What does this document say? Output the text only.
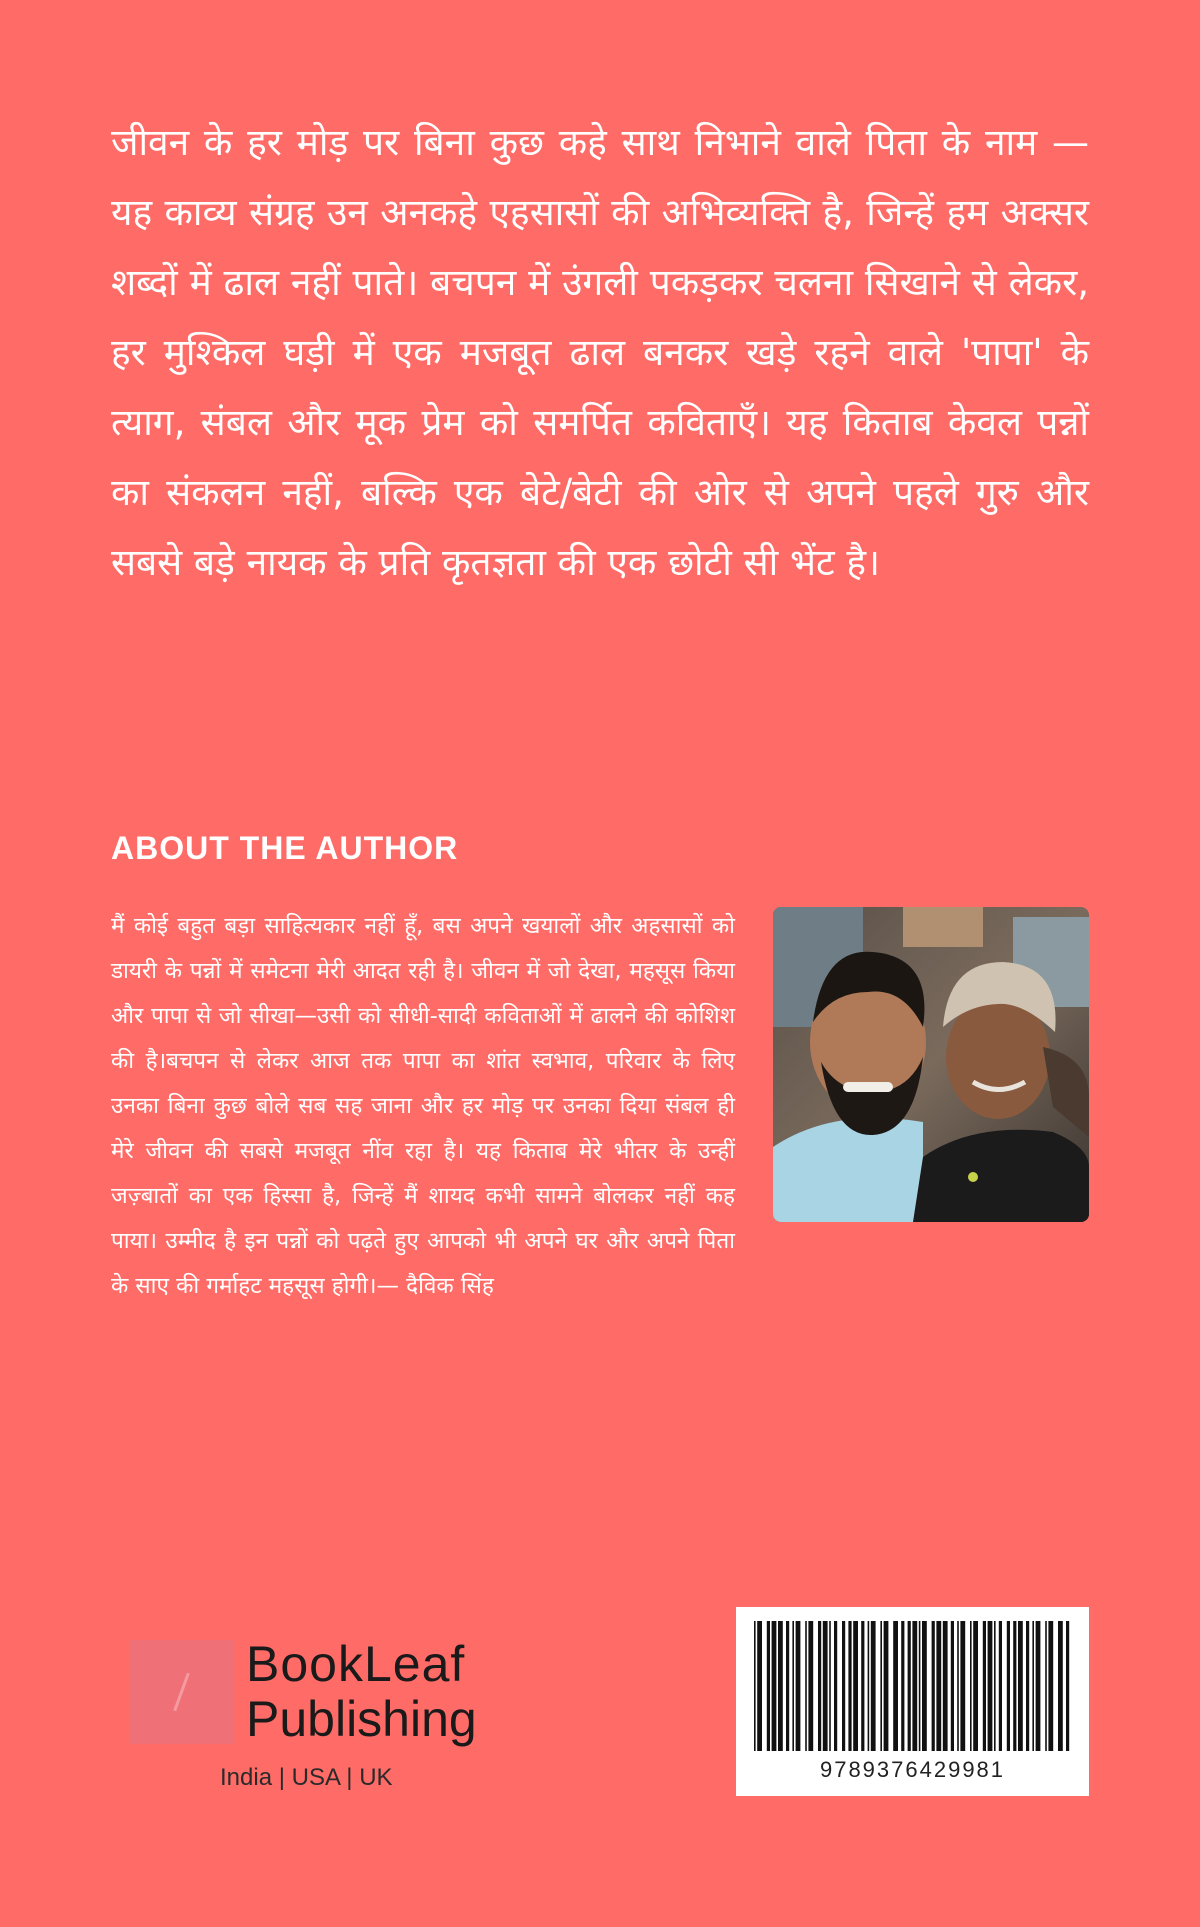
जीवन के हर मोड़ पर बिना कुछ कहे साथ निभाने वाले पिता के नाम — यह काव्य संग्रह उन अनकहे एहसासों की अभिव्यक्ति है, जिन्हें हम अक्सर शब्दों में ढाल नहीं पाते। बचपन में उंगली पकड़कर चलना सिखाने से लेकर, हर मुश्किल घड़ी में एक मजबूत ढाल बनकर खड़े रहने वाले 'पापा' के त्याग, संबल और मूक प्रेम को समर्पित कविताएँ। यह किताब केवल पन्नों का संकलन नहीं, बल्कि एक बेटे/बेटी की ओर से अपने पहले गुरु और सबसे बड़े नायक के प्रति कृतज्ञता की एक छोटी सी भेंट है।

ABOUT THE AUTHOR

मैं कोई बहुत बड़ा साहित्यकार नहीं हूँ, बस अपने खयालों और अहसासों को डायरी के पन्नों में समेटना मेरी आदत रही है। जीवन में जो देखा, महसूस किया और पापा से जो सीखा—उसी को सीधी-सादी कविताओं में ढालने की कोशिश की है।बचपन से लेकर आज तक पापा का शांत स्वभाव, परिवार के लिए उनका बिना कुछ बोले सब सह जाना और हर मोड़ पर उनका दिया संबल ही मेरे जीवन की सबसे मजबूत नींव रहा है। यह किताब मेरे भीतर के उन्हीं जज़्बातों का एक हिस्सा है, जिन्हें मैं शायद कभी सामने बोलकर नहीं कह पाया। उम्मीद है इन पन्नों को पढ़ते हुए आपको भी अपने घर और अपने पिता के साए की गर्माहट महसूस होगी।— दैविक सिंह

BookLeaf
Publishing
India | USA | UK	9789376429981
